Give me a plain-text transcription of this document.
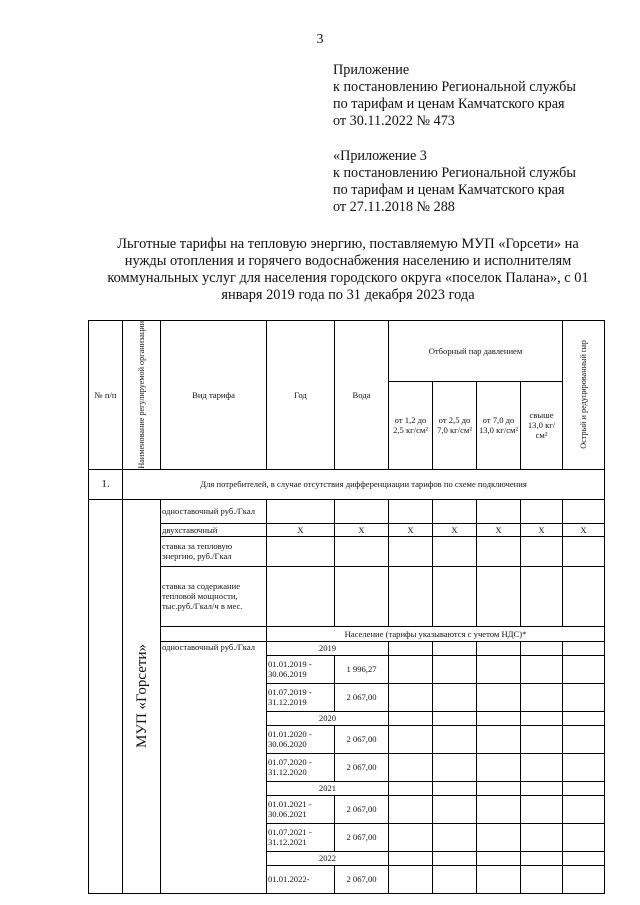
3
Приложение
к постановлению Региональной службы
по тарифам и ценам Камчатского края
от 30.11.2022 № 473
«Приложение 3
к постановлению Региональной службы
по тарифам и ценам Камчатского края
от 27.11.2018 № 288
Льготные тарифы на тепловую энергию, поставляемую МУП «Горсети» на нужды отопления и горячего водоснабжения населению и исполнителям коммунальных услуг для населения городского округа «поселок Палана», с 01 января 2019 года по 31 декабря 2023 года
№ п/п	Наименование регулируемой организации	Вид тарифа	Год	Вода	Отборный пар давлением				Острый и редуцированный пар

					от 1,2 до 2,5 кг/см²	от 2,5 до 7,0 кг/см²	от 7,0 до 13,0 кг/см²	свыше 13,0 кг/см²	
1.	Для потребителей, в случае отсутствия дифференциации тарифов по схеме подключения								

	МУП «Горсети»	одноставочный руб./Гкал							
		двухставочный	Х	Х	Х	Х	Х	Х	Х
		ставка за тепловую энергию, руб./Гкал							
		ставка за содержание тепловой мощности, тыс.руб./Гкал/ч в мес.							
			Население (тарифы указываются с учетом НДС)*						
		одноставочный руб./Гкал	2019						
			01.01.2019 - 30.06.2019	1 996,27					
			01.07.2019 - 31.12.2019	2 067,00					
			2020						
			01.01.2020 - 30.06.2020	2 067,00					
			01.07.2020 - 31.12.2020	2 067,00					
			2021						
			01.01.2021 - 30.06.2021	2 067,00					
			01.07.2021 - 31.12.2021	2 067,00					
			2022						
			01.01.2022-	2 067,00					
